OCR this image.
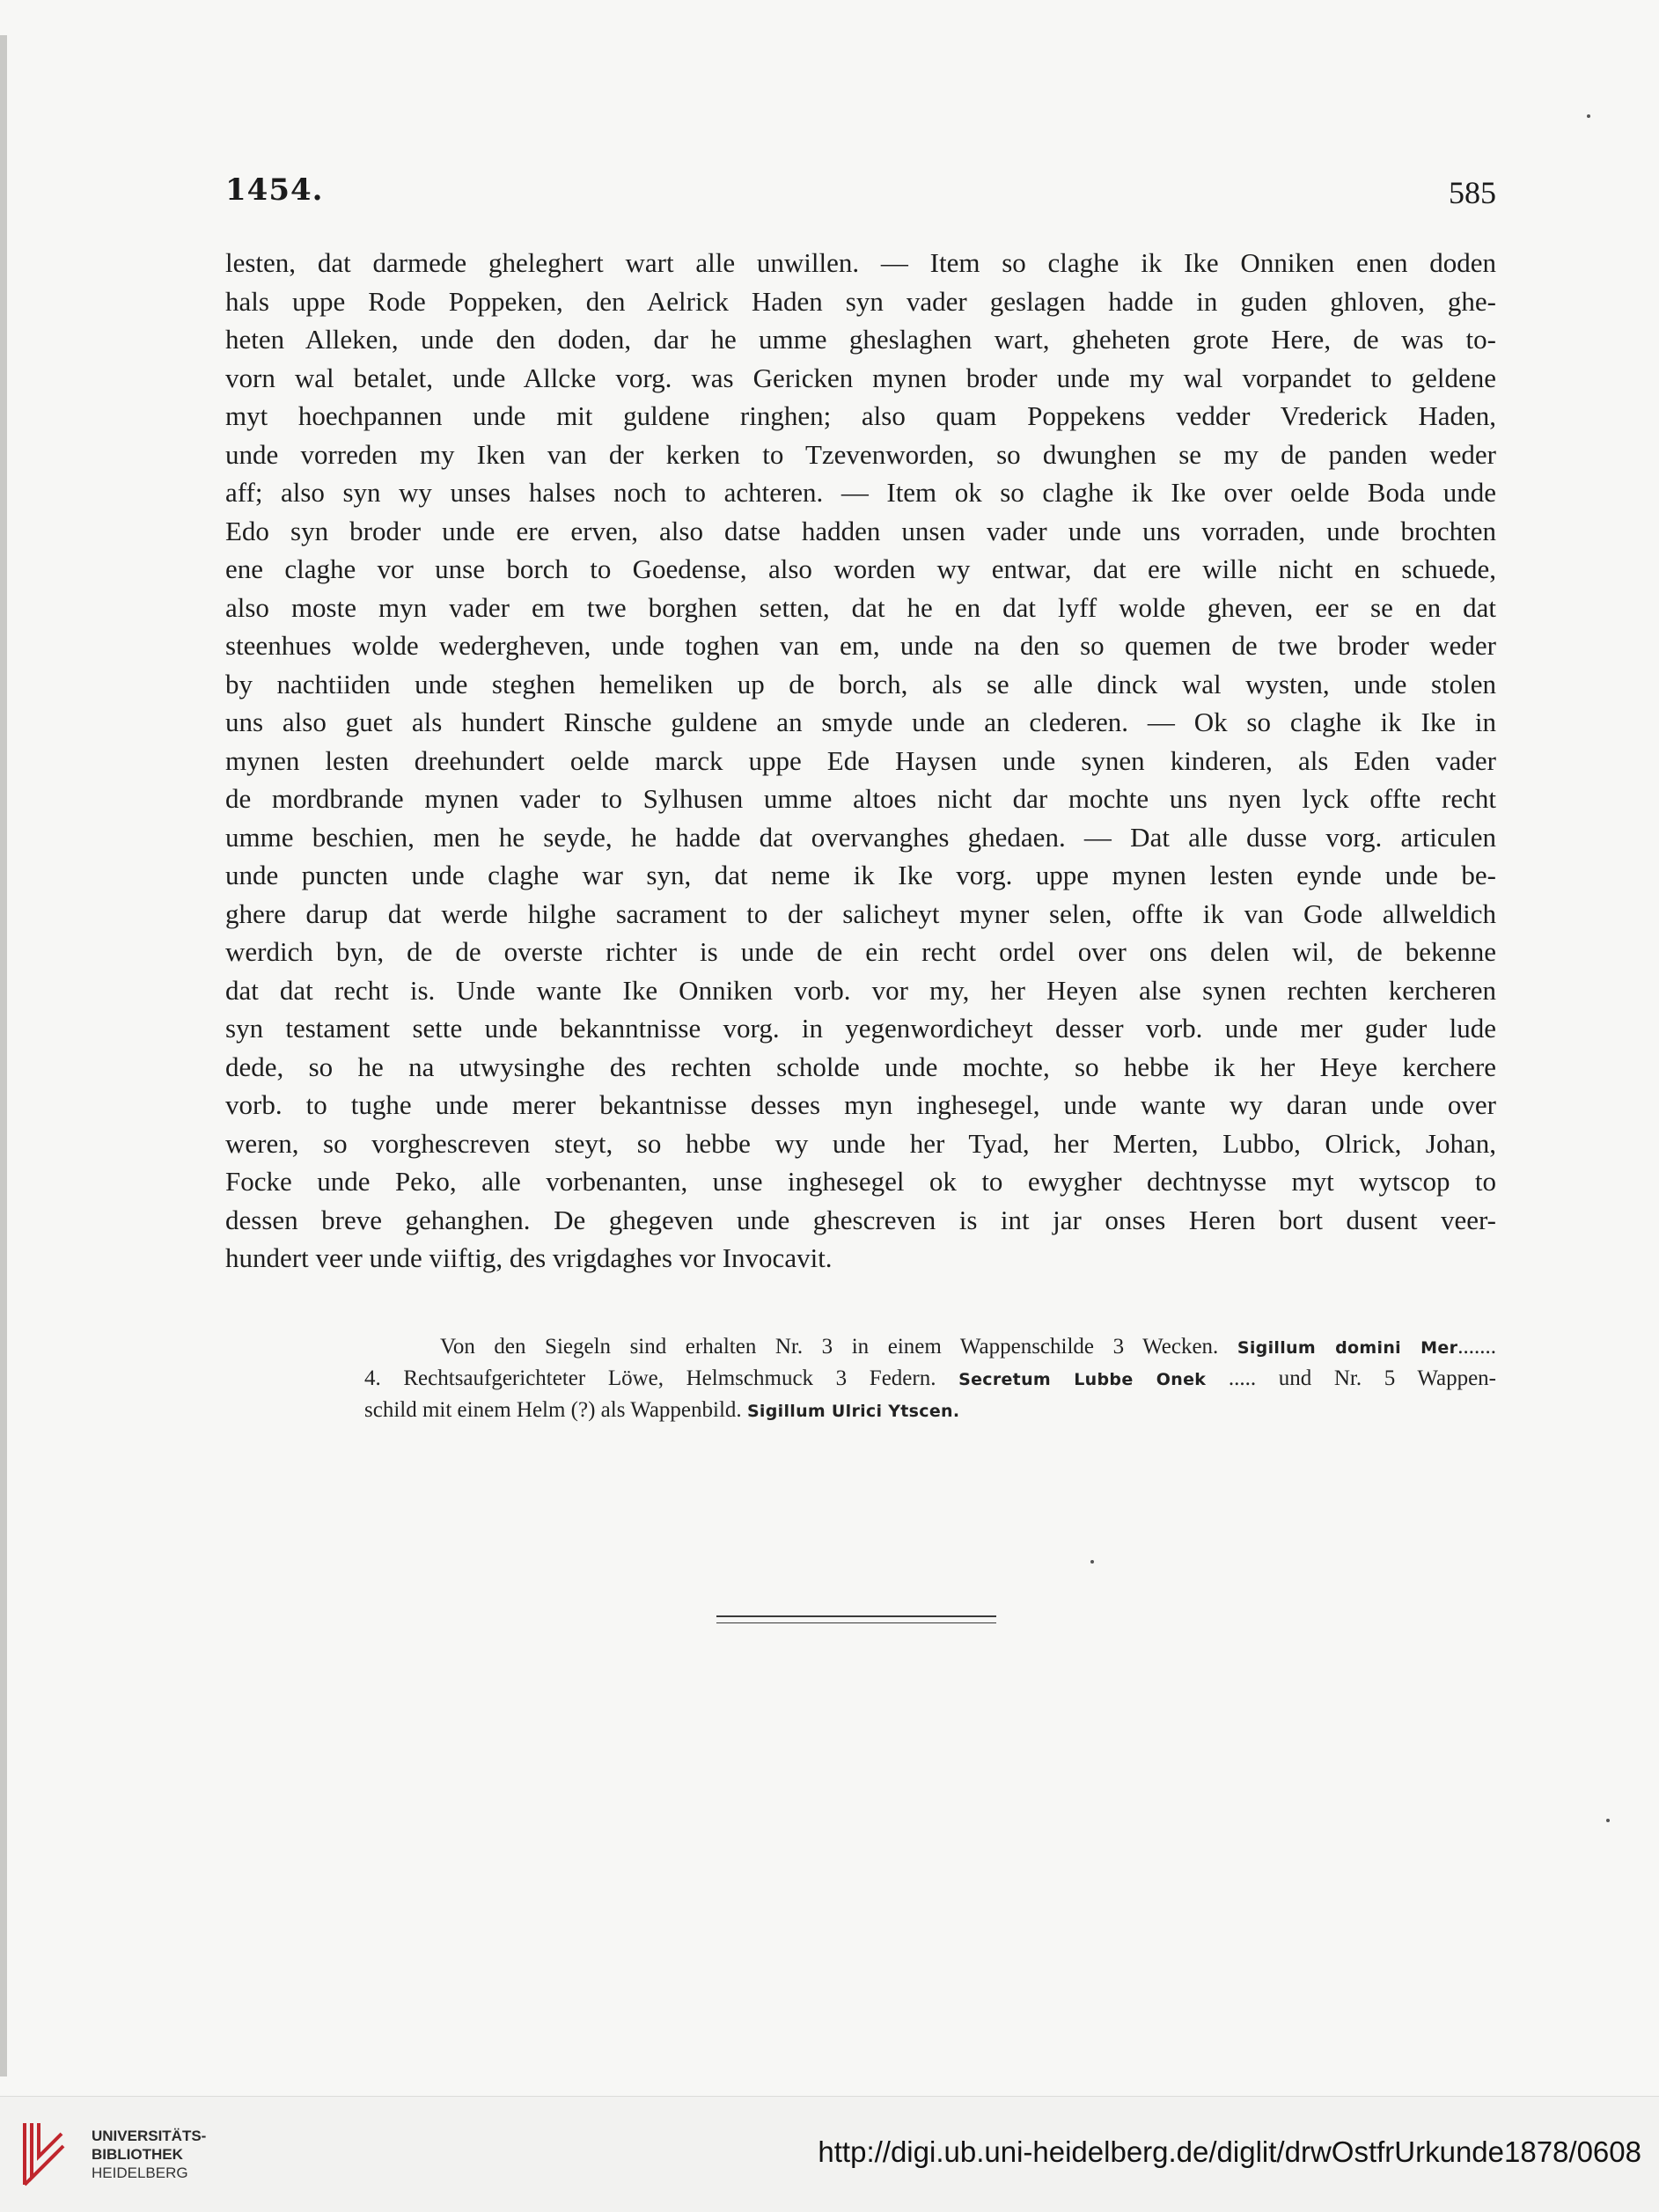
1454.	585
lesten, dat darmede gheleghert wart alle unwillen. — Item so claghe ik Ike Onniken enen doden
hals uppe Rode Poppeken, den Aelrick Haden syn vader geslagen hadde in guden ghloven, ghe-
heten Alleken, unde den doden, dar he umme gheslaghen wart, gheheten grote Here, de was to-
vorn wal betalet, unde Allcke vorg. was Gericken mynen broder unde my wal vorpandet to geldene
myt hoechpannen unde mit guldene ringhen; also quam Poppekens vedder Vrederick Haden,
unde vorreden my Iken van der kerken to Tzevenworden, so dwunghen se my de panden weder
aff; also syn wy unses halses noch to achteren. — Item ok so claghe ik Ike over oelde Boda unde
Edo syn broder unde ere erven, also datse hadden unsen vader unde uns vorraden, unde brochten
ene claghe vor unse borch to Goedense, also worden wy entwar, dat ere wille nicht en schuede,
also moste myn vader em twe borghen setten, dat he en dat lyff wolde gheven, eer se en dat
steenhues wolde wedergheven, unde toghen van em, unde na den so quemen de twe broder weder
by nachtiiden unde steghen hemeliken up de borch, als se alle dinck wal wysten, unde stolen
uns also guet als hundert Rinsche guldene an smyde unde an clederen. — Ok so claghe ik Ike in
mynen lesten dreehundert oelde marck uppe Ede Haysen unde synen kinderen, als Eden vader
de mordbrande mynen vader to Sylhusen umme altoes nicht dar mochte uns nyen lyck offte recht
umme beschien, men he seyde, he hadde dat overvanghes ghedaen. — Dat alle dusse vorg. articulen
unde puncten unde claghe war syn, dat neme ik Ike vorg. uppe mynen lesten eynde unde be-
ghere darup dat werde hilghe sacrament to der salicheyt myner selen, offte ik van Gode allweldich
werdich byn, de de overste richter is unde de ein recht ordel over ons delen wil, de bekenne
dat dat recht is. Unde wante Ike Onniken vorb. vor my, her Heyen alse synen rechten kercheren
syn testament sette unde bekanntnisse vorg. in yegenwordicheyt desser vorb. unde mer guder lude
dede, so he na utwysinghe des rechten scholde unde mochte, so hebbe ik her Heye kerchere
vorb. to tughe unde merer bekantnisse desses myn inghesegel, unde wante wy daran unde over
weren, so vorghescreven steyt, so hebbe wy unde her Tyad, her Merten, Lubbo, Olrick, Johan,
Focke unde Peko, alle vorbenanten, unse inghesegel ok to ewygher dechtnysse myt wytscop to
dessen breve gehanghen. De ghegeven unde ghescreven is int jar onses Heren bort dusent veer-
hundert veer unde viiftig, des vrigdaghes vor Invocavit.
Von den Siegeln sind erhalten Nr. 3 in einem Wappenschilde 3 Wecken. Sigillum domini Mer.......
4. Rechtsaufgerichteter Löwe, Helmschmuck 3 Federn. Secretum Lubbe Onek ..... und Nr. 5 Wappen-
schild mit einem Helm (?) als Wappenbild. Sigillum Ulrici Ytscen.
UNIVERSITÄTS-
BIBLIOTHEK
HEIDELBERG
http://digi.ub.uni-heidelberg.de/diglit/drwOstfrUrkunde1878/0608
